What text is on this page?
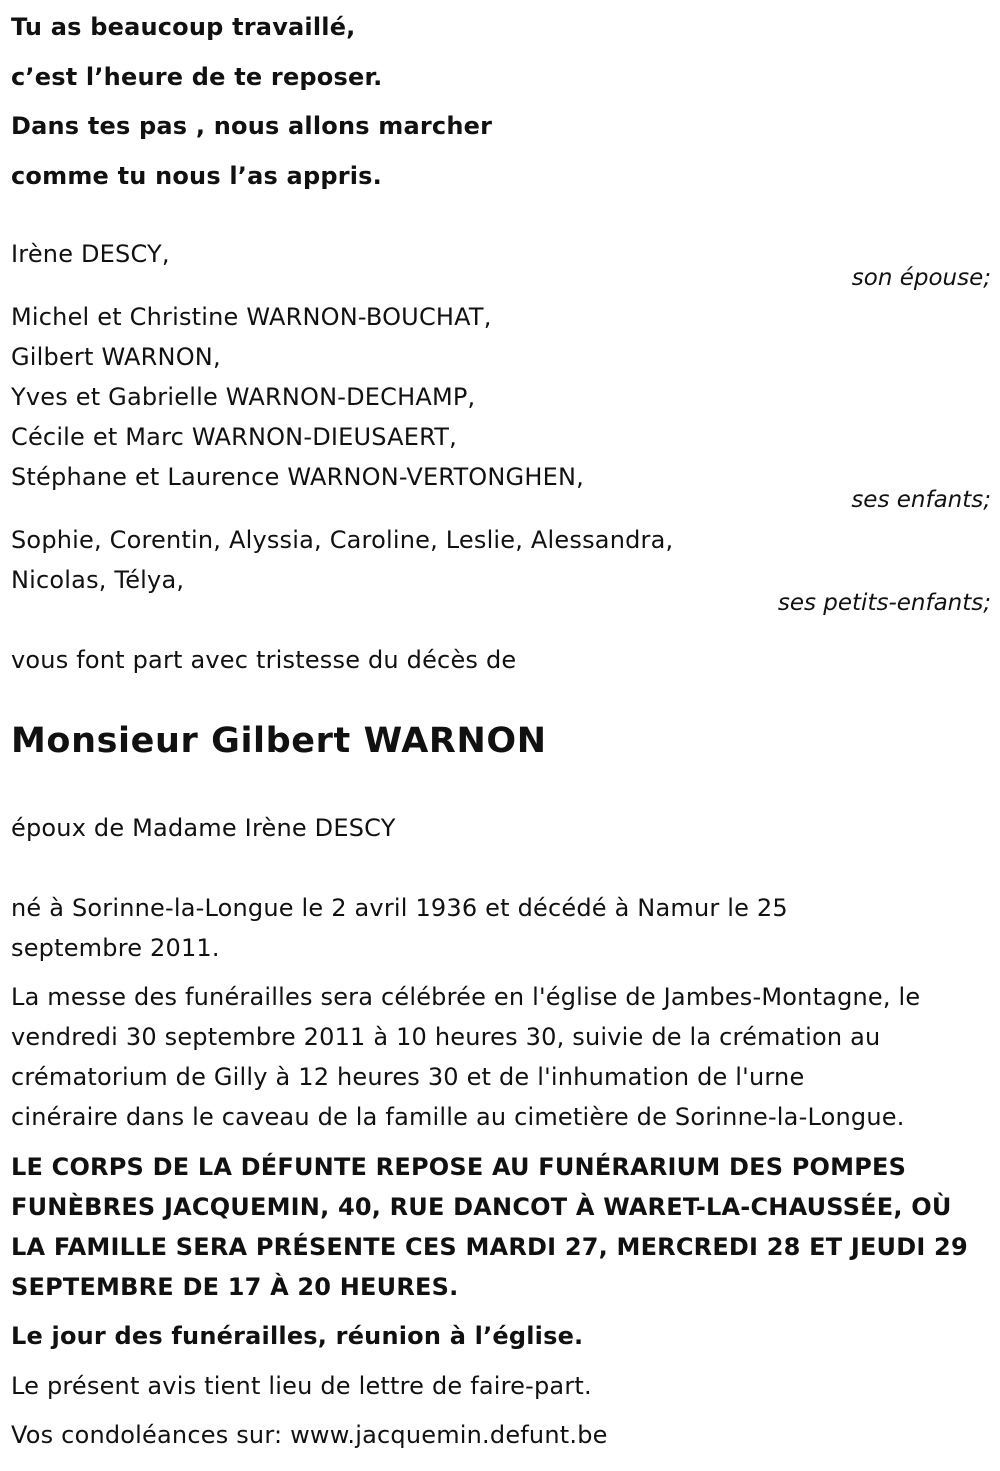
Tu as beaucoup travaillé,
c’est l’heure de te reposer.
Dans tes pas , nous allons marcher
comme tu nous l’as appris.
Irène DESCY,
son épouse;
Michel et Christine WARNON-BOUCHAT,
Gilbert WARNON,
Yves et Gabrielle WARNON-DECHAMP,
Cécile et Marc WARNON-DIEUSAERT,
Stéphane et Laurence WARNON-VERTONGHEN,
ses enfants;
Sophie, Corentin, Alyssia, Caroline, Leslie, Alessandra,
Nicolas, Télya,
ses petits-enfants;
vous font part avec tristesse du décès de
Monsieur Gilbert WARNON
époux de Madame Irène DESCY
né à Sorinne-la-Longue le 2 avril 1936 et décédé à Namur le 25
septembre 2011.
La messe des funérailles sera célébrée en l'église de Jambes-Montagne, le
vendredi 30 septembre 2011 à 10 heures 30, suivie de la crémation au
crématorium de Gilly à 12 heures 30 et de l'inhumation de l'urne
cinéraire dans le caveau de la famille au cimetière de Sorinne-la-Longue.
LE CORPS DE LA DÉFUNTE REPOSE AU FUNÉRARIUM DES POMPES
FUNÈBRES JACQUEMIN, 40, RUE DANCOT À WARET-LA-CHAUSSÉE, OÙ
LA FAMILLE SERA PRÉSENTE CES MARDI 27, MERCREDI 28 ET JEUDI 29
SEPTEMBRE DE 17 À 20 HEURES.
Le jour des funérailles, réunion à l’église.
Le présent avis tient lieu de lettre de faire-part.
Vos condoléances sur: www.jacquemin.defunt.be
